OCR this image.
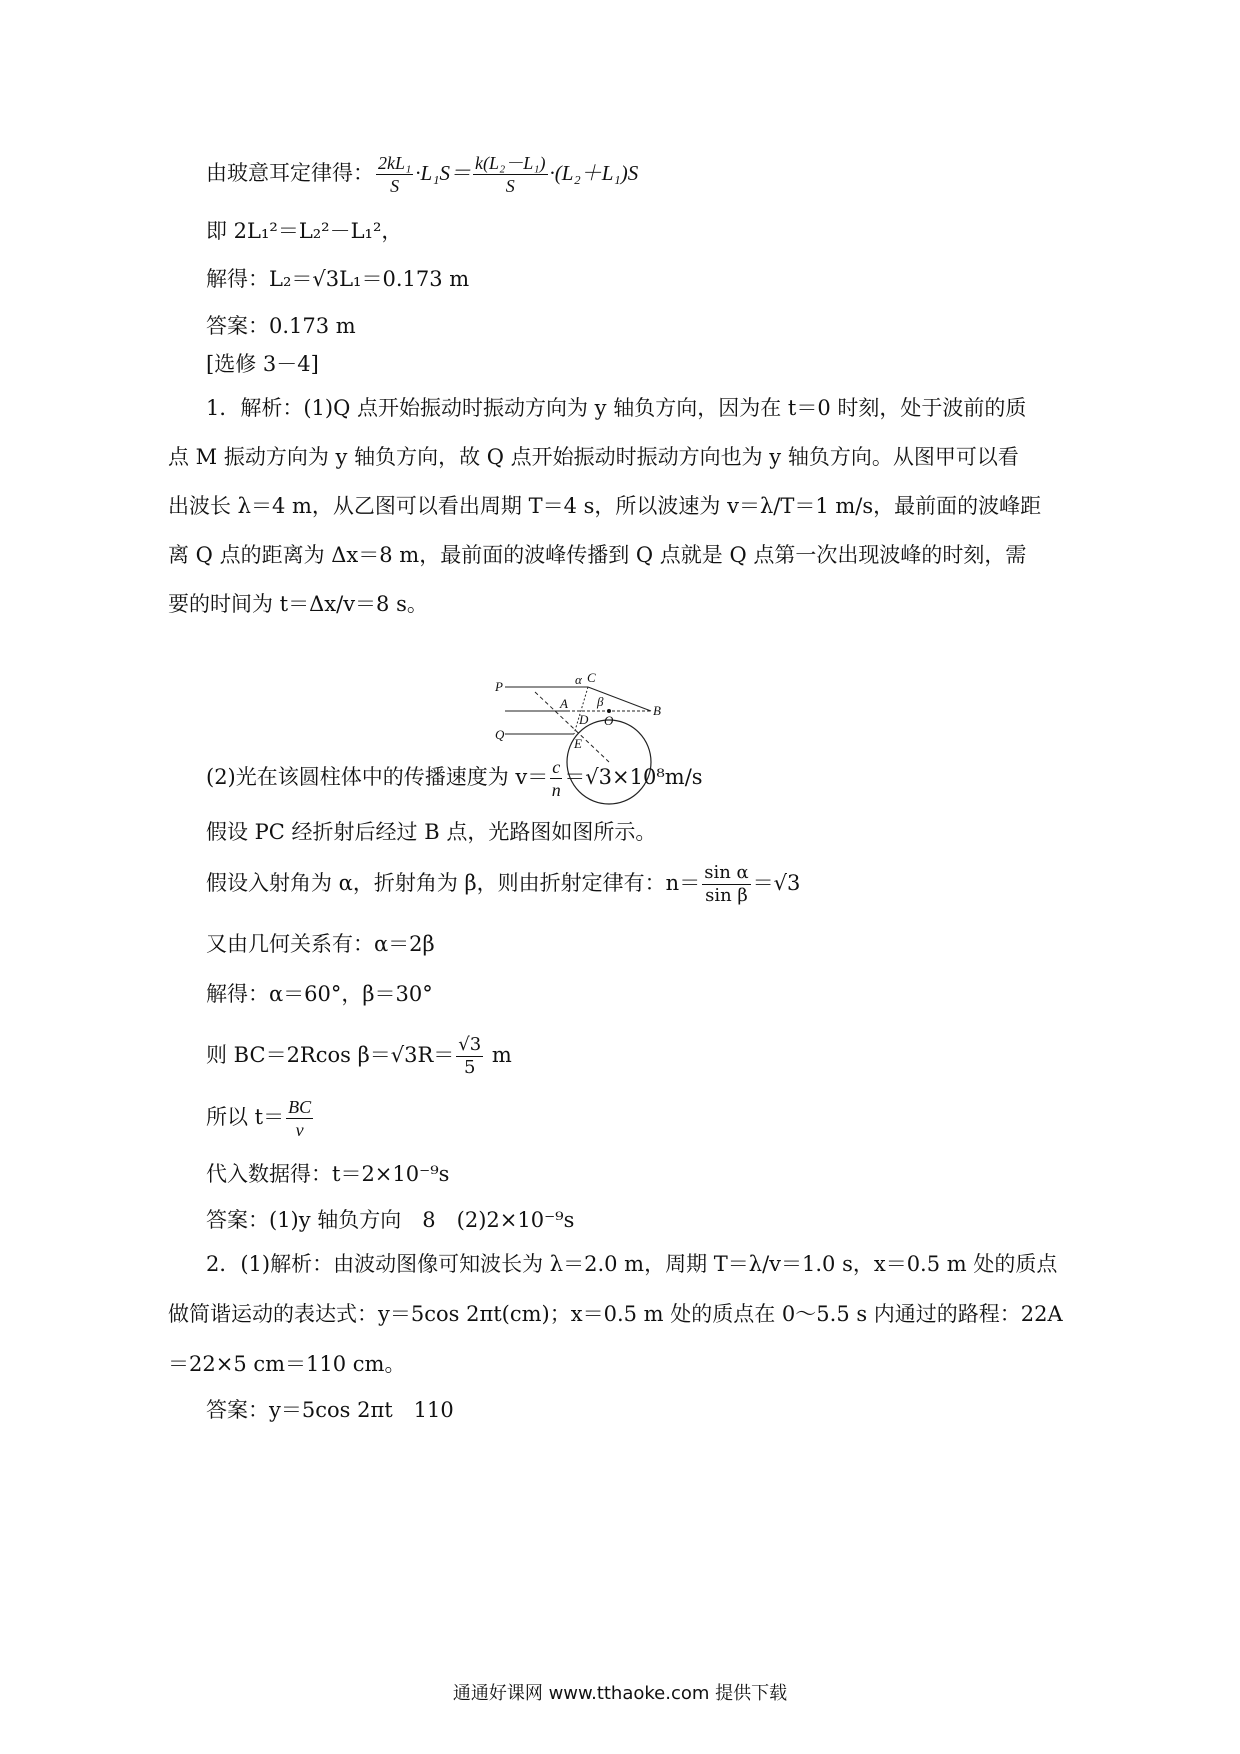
由玻意耳定律得： $\frac{\text{2kL₁}}{S} \cdot L_1S= \frac{\text{k(L₂－L₁)}}{S} \cdot(L_2+L_1)S$
即 2L₁²＝L₂²－L₁²，
解得：L₂＝√3L₁＝0.173 m
答案：0.173 m
[选修 3－4]
1．解析：(1)Q 点开始振动时振动方向为 y 轴负方向，因为在 t＝0 时刻，处于波前的质
点 M 振动方向为 y 轴负方向，故 Q 点开始振动时振动方向也为 y 轴负方向。从图甲可以看
出波长 λ＝4 m，从乙图可以看出周期 T＝4 s，所以波速为 v＝λ/T＝1 m/s，最前面的波峰距
离 Q 点的距离为 Δx＝8 m，最前面的波峰传播到 Q 点就是 Q 点第一次出现波峰的时刻，需
要的时间为 t＝Δx/v＝8 s。
P
Q
A	B
C
D
E
O
α
β
(2)光在该圆柱体中的传播速度为 $v= \frac{c}{n} =√3\times 10^8m/s$
假设 PC 经折射后经过 B 点，光路图如图所示。
假设入射角为 α，折射角为 β，则由折射定律有：$n= \frac{\text{sin α}}{\text{sin β}} =√3$
又由几何关系有：α＝2β
解得：α＝60°，β＝30°
则 BC＝2Rcos $\beta=√3R= \frac{√3}{5}$ m
所以 $t= \frac{BC}{v}$
代入数据得：t＝2×10⁻⁹s
答案：(1)y 轴负方向　8　(2)2×10⁻⁹s
2．(1)解析：由波动图像可知波长为 λ＝2.0 m，周期 T＝λ/v＝1.0 s，x＝0.5 m 处的质点
做简谐运动的表达式：y＝5cos 2πt(cm)；x＝0.5 m 处的质点在 0～5.5 s 内通过的路程：22A
＝22×5 cm＝110 cm。
答案：y＝5cos 2πt　110
通通好课网 www.tthaoke.com 提供下载
